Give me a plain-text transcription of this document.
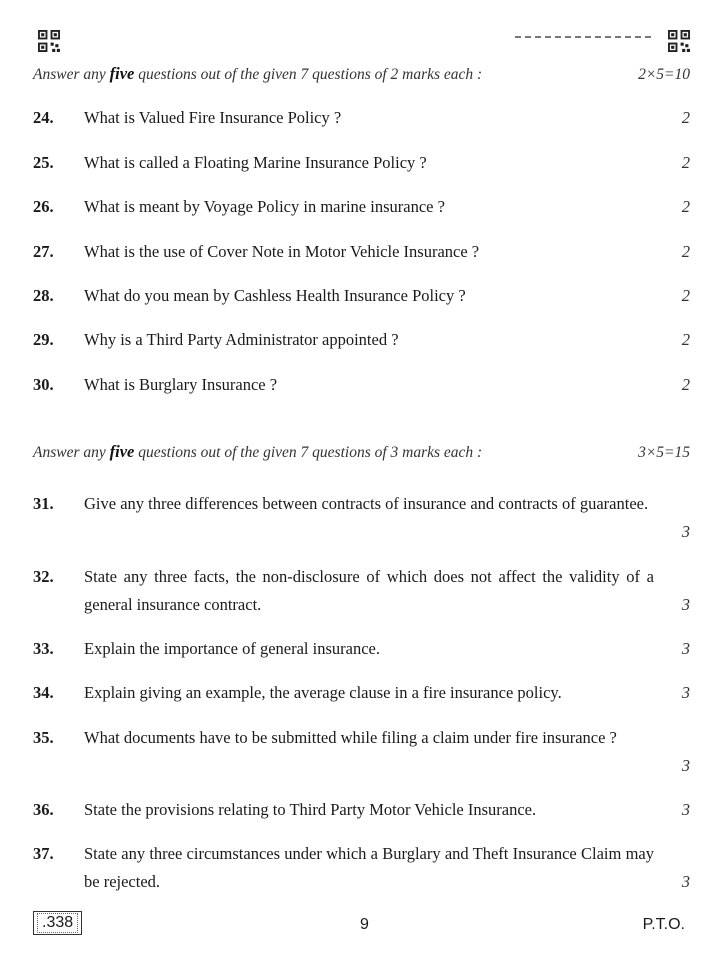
Answer any five questions out of the given 7 questions of 2 marks each :	2×5=10
24. What is Valued Fire Insurance Policy ?	2
25. What is called a Floating Marine Insurance Policy ?	2
26. What is meant by Voyage Policy in marine insurance ?	2
27. What is the use of Cover Note in Motor Vehicle Insurance ?	2
28. What do you mean by Cashless Health Insurance Policy ?	2
29. Why is a Third Party Administrator appointed ?	2
30. What is Burglary Insurance ?	2
Answer any five questions out of the given 7 questions of 3 marks each :	3×5=15
31. Give any three differences between contracts of insurance and contracts of guarantee.
3
32. State any three facts, the non-disclosure of which does not affect the validity of a general insurance contract.	3
33. Explain the importance of general insurance.	3
34. Explain giving an example, the average clause in a fire insurance policy.	3
35. What documents have to be submitted while filing a claim under fire insurance ?
3
36. State the provisions relating to Third Party Motor Vehicle Insurance.	3
37. State any three circumstances under which a Burglary and Theft Insurance Claim may be rejected.	3
.338	9	P.T.O.
